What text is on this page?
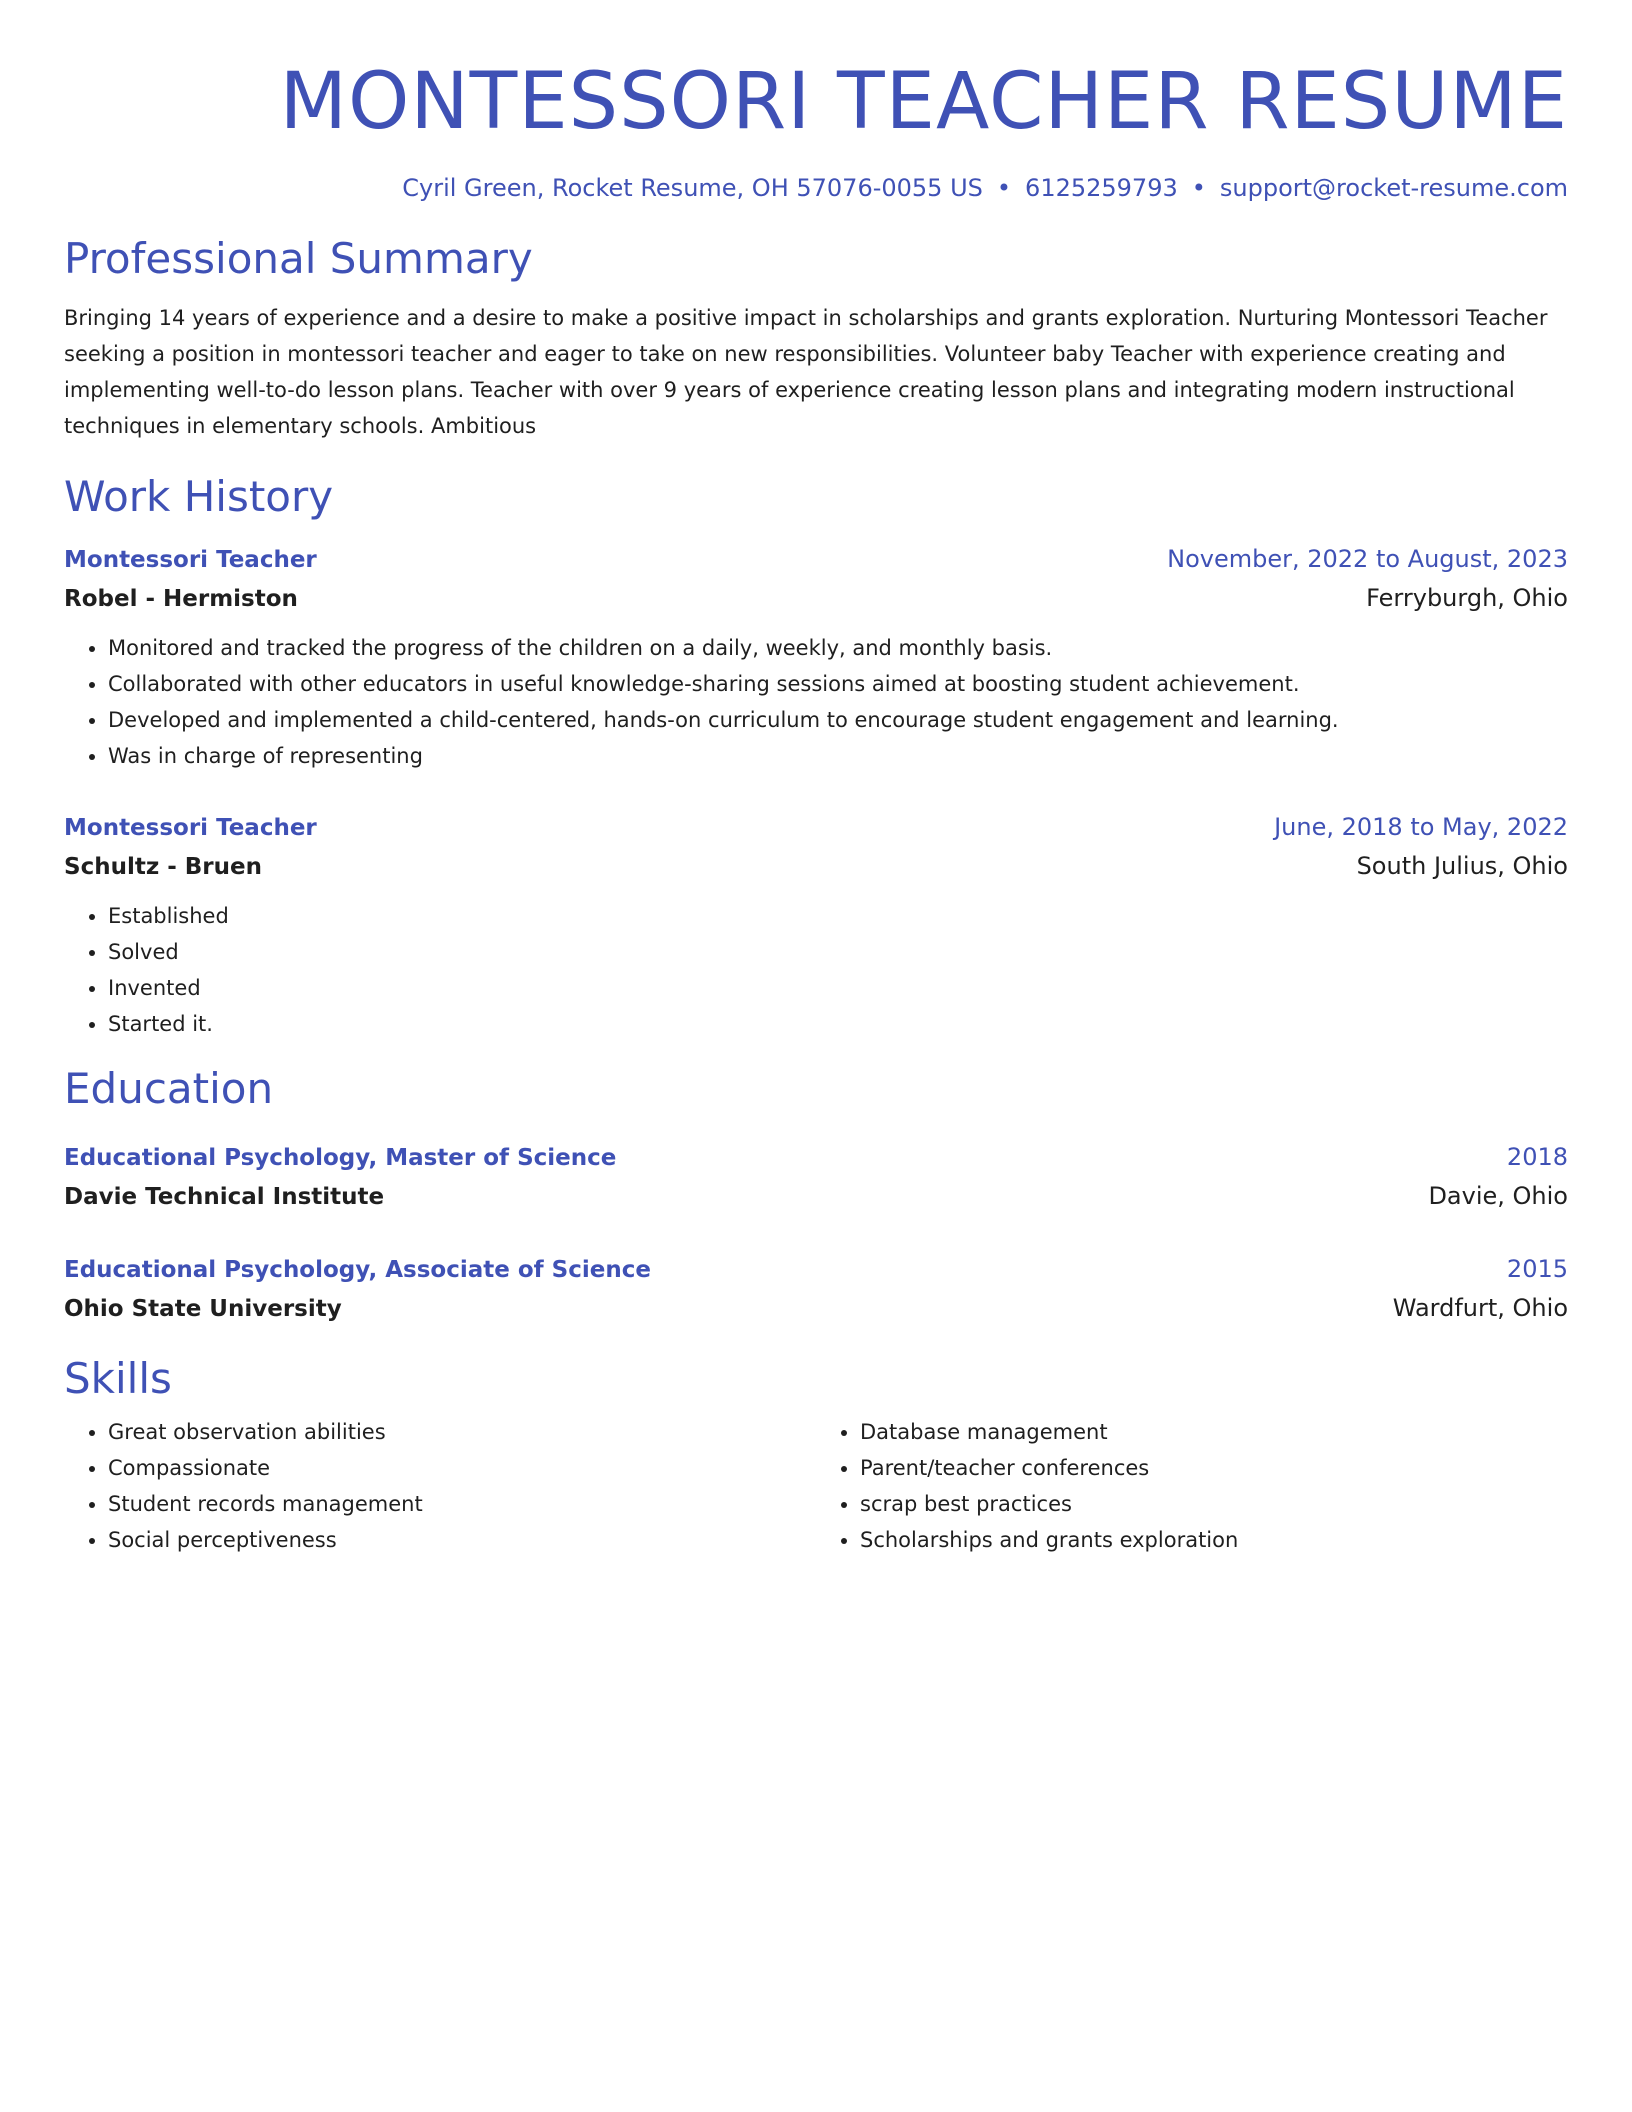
MONTESSORI TEACHER RESUME
Cyril Green, Rocket Resume, OH 57076-0055 US • 6125259793 • support@rocket-resume.com
Professional Summary
Bringing 14 years of experience and a desire to make a positive impact in scholarships and grants exploration. Nurturing Montessori Teacher seeking a position in montessori teacher and eager to take on new responsibilities. Volunteer baby Teacher with experience creating and implementing well-to-do lesson plans. Teacher with over 9 years of experience creating lesson plans and integrating modern instructional techniques in elementary schools. Ambitious
Work History
Montessori Teacher	November, 2022 to August, 2023
Robel - Hermiston	Ferryburgh, Ohio
• Monitored and tracked the progress of the children on a daily, weekly, and monthly basis.
• Collaborated with other educators in useful knowledge-sharing sessions aimed at boosting student achievement.
• Developed and implemented a child-centered, hands-on curriculum to encourage student engagement and learning.
• Was in charge of representing
Montessori Teacher	June, 2018 to May, 2022
Schultz - Bruen	South Julius, Ohio
• Established
• Solved
• Invented
• Started it.
Education
Educational Psychology, Master of Science	2018
Davie Technical Institute	Davie, Ohio
Educational Psychology, Associate of Science	2015
Ohio State University	Wardfurt, Ohio
Skills
• Great observation abilities
• Compassionate
• Student records management
• Social perceptiveness
• Database management
• Parent/teacher conferences
• scrap best practices
• Scholarships and grants exploration
